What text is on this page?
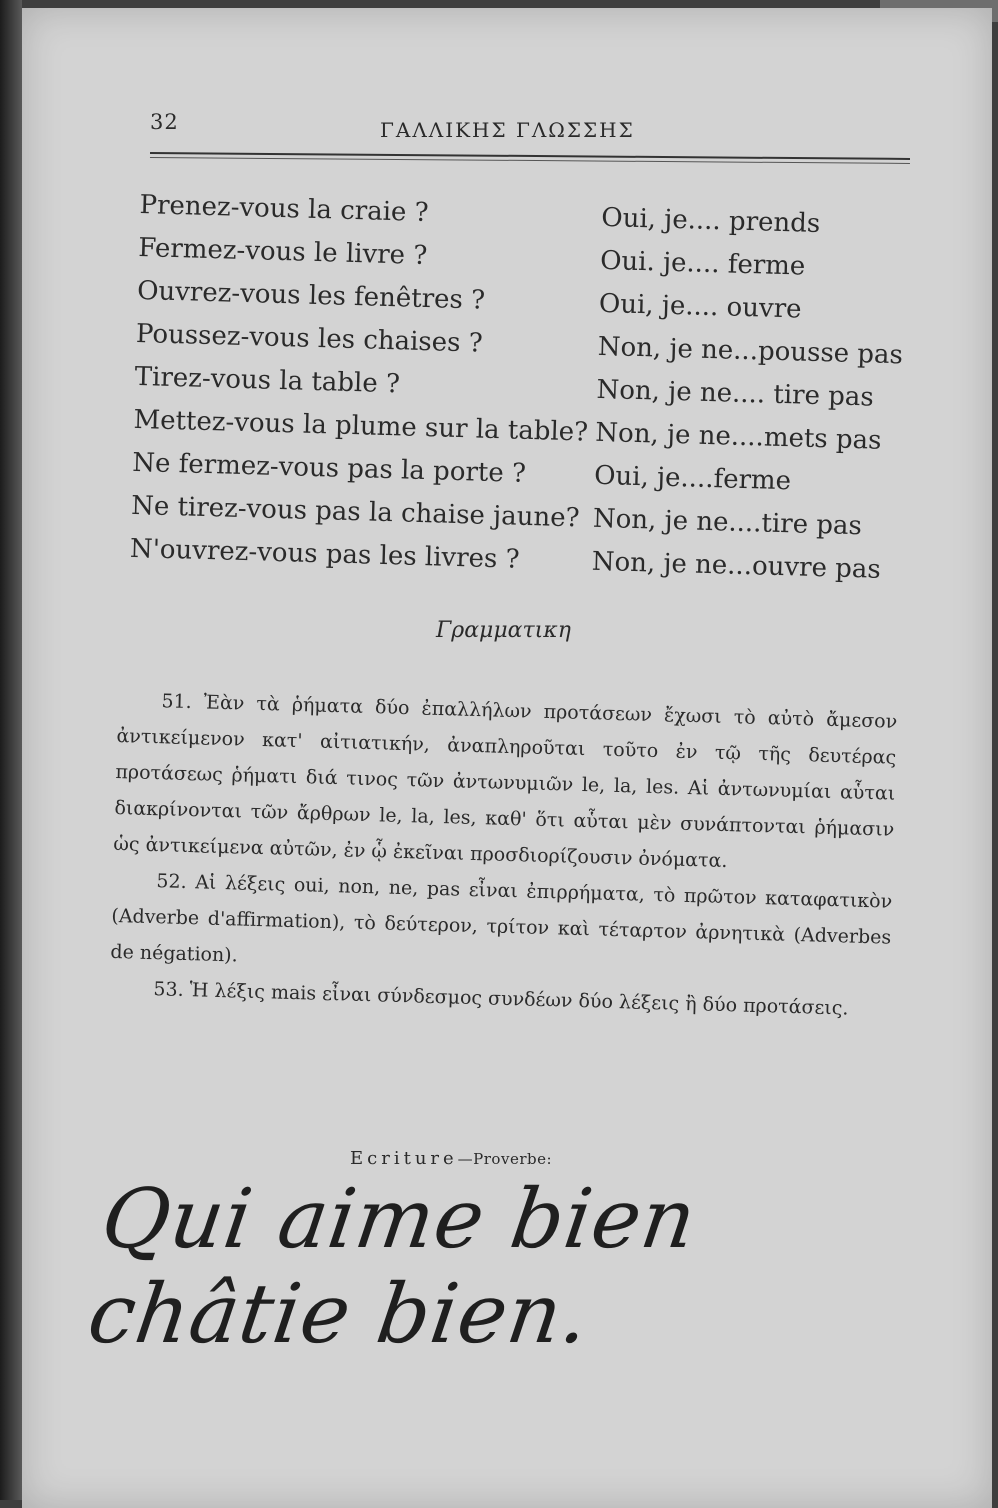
32	ΓΑΛΛΙΚΗΣ ΓΛΩΣΣΗΣ
Prenez-vous la craie ?	Oui, je.... prends
Fermez-vous le livre ?	Oui. je.... ferme
Ouvrez-vous les fenêtres ?	Oui, je.... ouvre
Poussez-vous les chaises ?	Non, je ne...pousse pas
Tirez-vous la table ?	Non, je ne.... tire pas
Mettez-vous la plume sur la table? Non, je ne....mets pas
Ne fermez-vous pas la porte ?	Oui, je....ferme
Ne tirez-vous pas la chaise jaune? Non, je ne....tire pas
N'ouvrez-vous pas les livres ?	Non, je ne...ouvre pas
Γραμματικη

51. Ἐὰν τὰ ῥήματα δύο ἐπαλλήλων προτάσεων ἔχωσι τὸ αὐτὸ ἄμεσον ἀντικείμενον κατ' αἰτιατικήν, ἀναπληροῦται τοῦτο ἐν τῷ τῆς δευτέρας προτάσεως ῥήματι διά τινος τῶν ἀντωνυμιῶν le, la, les. Αἱ ἀντωνυμίαι αὗται διακρίνονται τῶν ἄρθρων le, la, les, καθ' ὅτι αὗται μὲν συνάπτονται ῥήμασιν ὡς ἀντικείμενα αὐτῶν, ἐν ᾧ ἐκεῖναι προσδιορίζουσιν ὀνόματα.

52. Αἱ λέξεις oui, non, ne, pas εἶναι ἐπιρρήματα, τὸ πρῶτον καταφατικὸν (Adverbe d'affirmation), τὸ δεύτερον, τρίτον καὶ τέταρτον ἀρνητικὰ (Adverbes de négation).

53. Ἡ λέξις mais εἶναι σύνδεσμος συνδέων δύο λέξεις ἢ δύο προτάσεις.

Ecriture—Proverbe:
Qui aime bien châtie bien.
